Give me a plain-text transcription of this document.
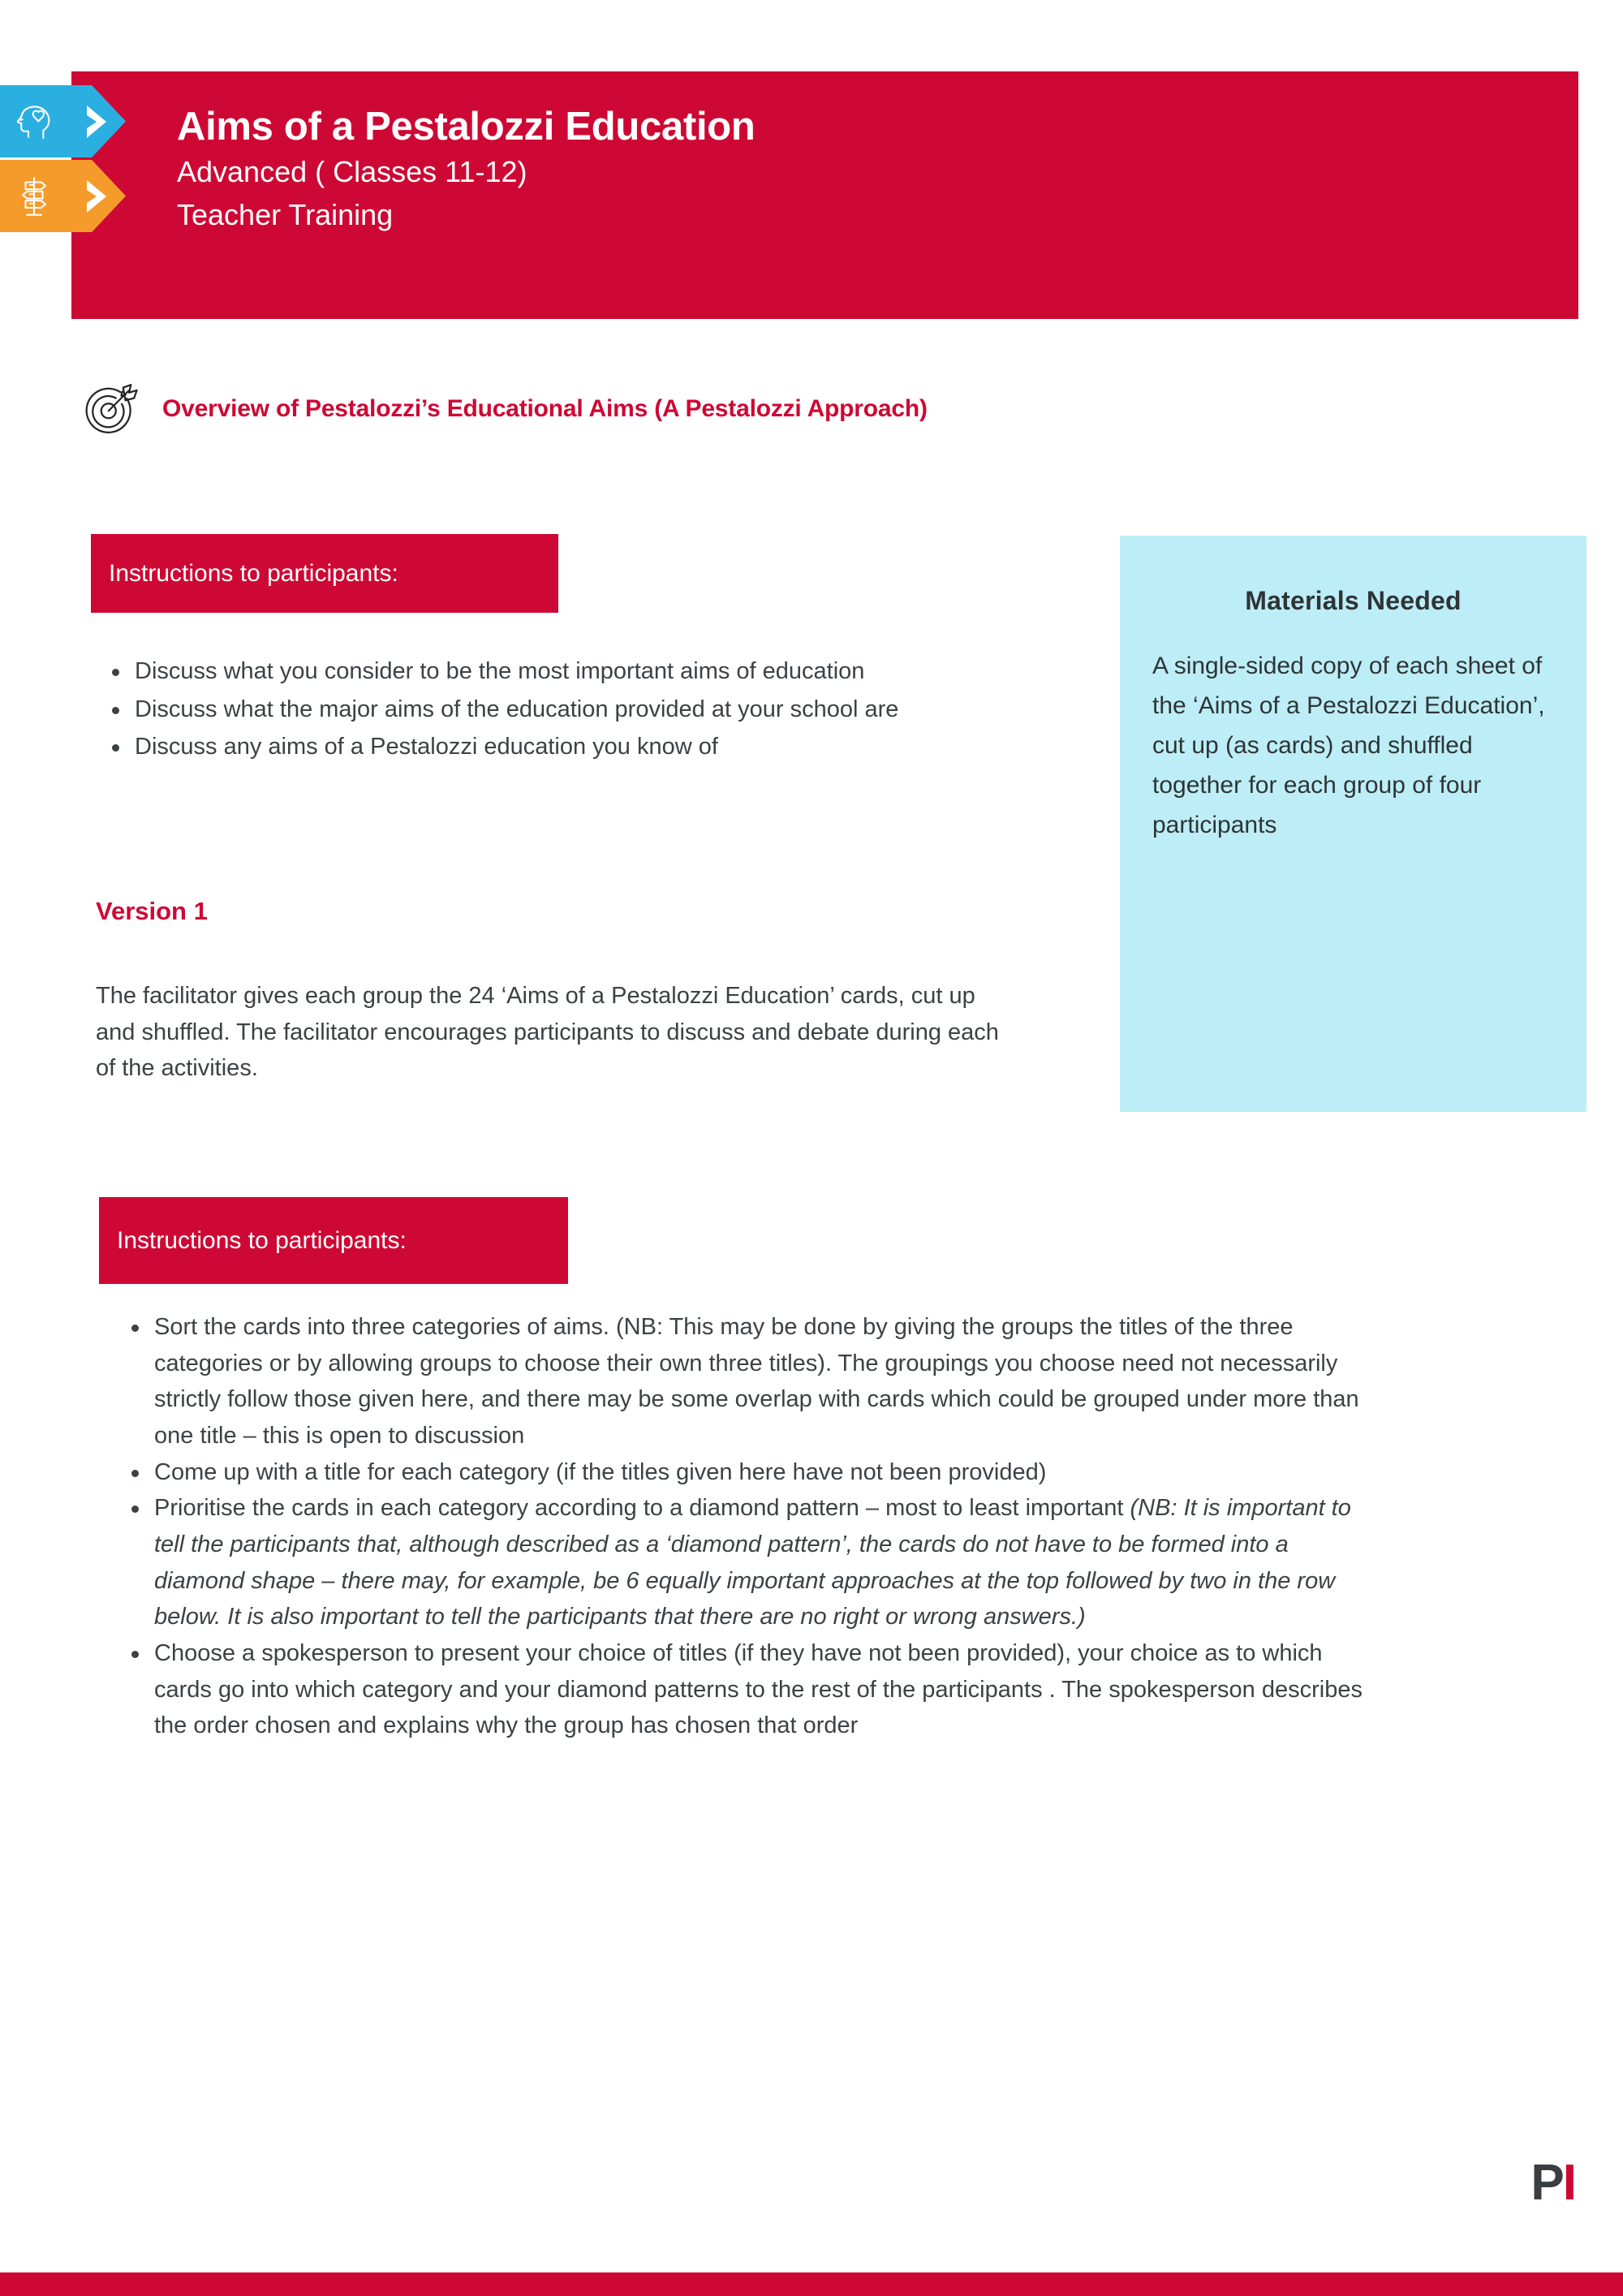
Aims of a Pestalozzi Education
Advanced ( Classes 11-12)
Teacher Training
Overview of Pestalozzi’s Educational Aims (A Pestalozzi Approach)
Instructions to participants:
Discuss what you consider to be the most important aims of education
Discuss what the major aims of the education provided at your school are
Discuss any aims of a Pestalozzi education you know of
Version 1
The facilitator gives each group the 24 ‘Aims of a Pestalozzi Education’ cards, cut up and shuffled. The facilitator encourages participants to discuss and debate during each of the activities.
Materials Needed
A single-sided copy of each sheet of the ‘Aims of a Pestalozzi Education’, cut up (as cards) and shuffled together for each group of four participants
Instructions to participants:
Sort the cards into three categories of aims. (NB: This may be done by giving the groups the titles of the three categories or by allowing groups to choose their own three titles). The groupings you choose need not necessarily strictly follow those given here, and there may be some overlap with cards which could be grouped under more than one title – this is open to discussion
Come up with a title for each category (if the titles given here have not been provided)
Prioritise the cards in each category according to a diamond pattern – most to least important (NB: It is important to tell the participants that, although described as a ‘diamond pattern’, the cards do not have to be formed into a diamond shape – there may, for example, be 6 equally important approaches at the top followed by two in the row below. It is also important to tell the participants that there are no right or wrong answers.)
Choose a spokesperson to present your choice of titles (if they have not been provided), your choice as to which cards go into which category and your diamond patterns to the rest of the participants . The spokesperson describes the order chosen and explains why the group has chosen that order
P I
